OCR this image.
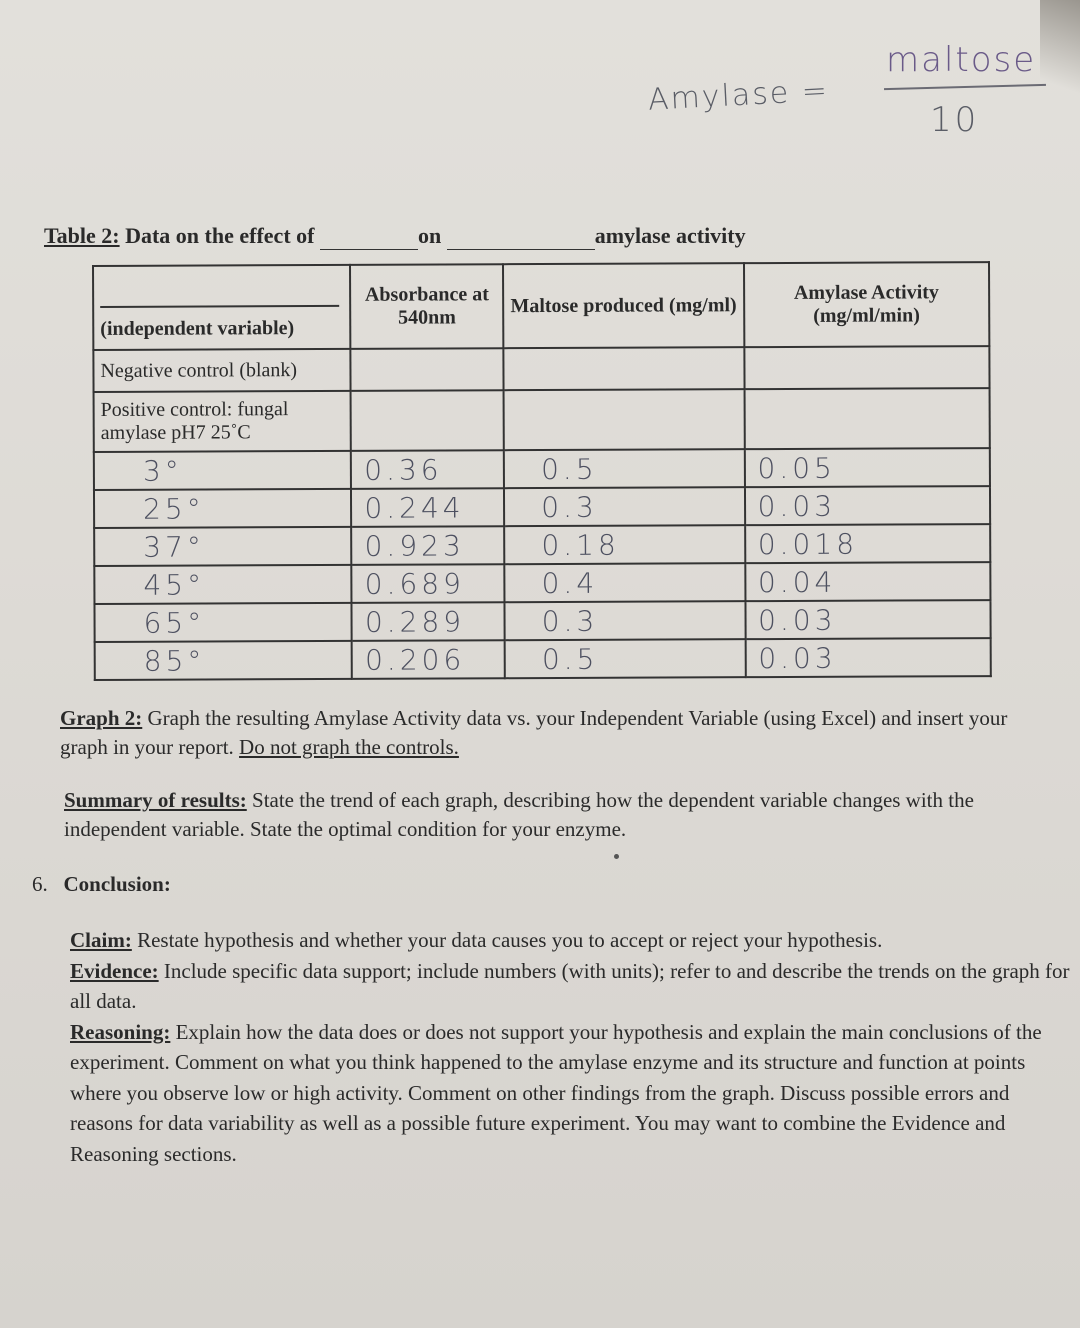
Amylase =
maltose
10
Table 2: Data on the effect of	on	amylase activity
(independent variable)	Absorbance at 540nm	Maltose produced (mg/ml)	Amylase Activity (mg/ml/min)
Negative control (blank)			
Positive control: fungal amylase pH7 25˚C			
3°	0.36	0.5	0.05
25°	0.244	0.3	0.03
37°	0.923	0.18	0.018
45°	0.689	0.4	0.04
65°	0.289	0.3	0.03
85°	0.206	0.5	0.03
Graph 2: Graph the resulting Amylase Activity data vs. your Independent Variable (using Excel) and insert your graph in your report. Do not graph the controls.
Summary of results: State the trend of each graph, describing how the dependent variable changes with the independent variable. State the optimal condition for your enzyme.
6. Conclusion:
Claim: Restate hypothesis and whether your data causes you to accept or reject your hypothesis.
Evidence: Include specific data support; include numbers (with units); refer to and describe the trends on the graph for all data.
Reasoning: Explain how the data does or does not support your hypothesis and explain the main conclusions of the experiment. Comment on what you think happened to the amylase enzyme and its structure and function at points where you observe low or high activity. Comment on other findings from the graph. Discuss possible errors and reasons for data variability as well as a possible future experiment. You may want to combine the Evidence and Reasoning sections.
